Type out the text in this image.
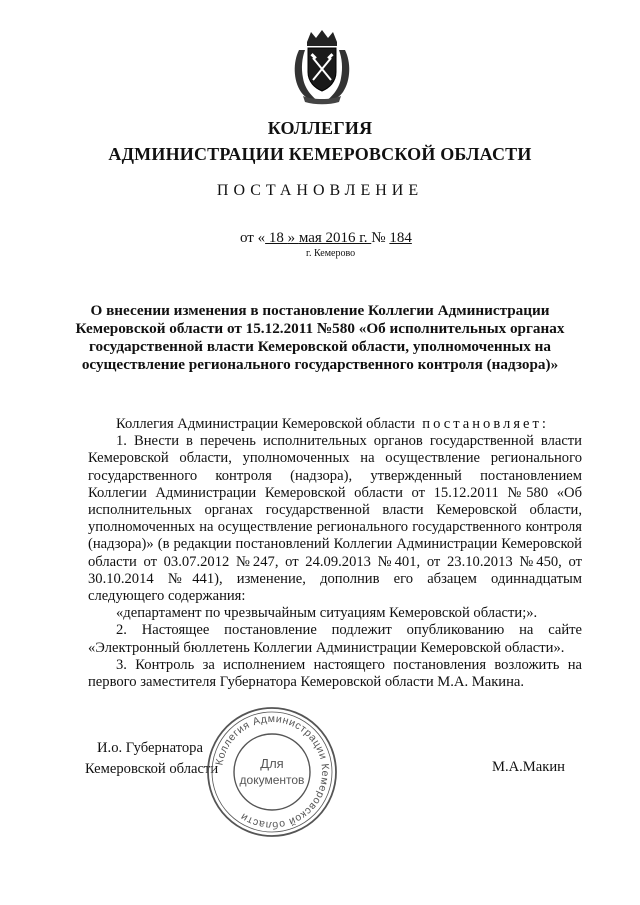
КОЛЛЕГИЯ
АДМИНИСТРАЦИИ КЕМЕРОВСКОЙ ОБЛАСТИ
ПОСТАНОВЛЕНИЕ
от « 18 » мая 2016 г. № 184
г. Кемерово
О внесении изменения в постановление Коллегии Администрации Кемеровской области от 15.12.2011 №580 «Об исполнительных органах государственной власти Кемеровской области, уполномоченных на осуществление регионального государственного контроля (надзора)»

Коллегия Администрации Кемеровской области постановляет:

1. Внести в перечень исполнительных органов государственной власти Кемеровской области, уполномоченных на осуществление регионального государственного контроля (надзора), утвержденный постановлением Коллегии Администрации Кемеровской области от 15.12.2011 №580 «Об исполнительных органах государственной власти Кемеровской области, уполномоченных на осуществление регионального государственного контроля (надзора)» (в редакции постановлений Коллегии Администрации Кемеровской области от 03.07.2012 №247, от 24.09.2013 №401, от 23.10.2013 №450, от 30.10.2014 №441), изменение, дополнив его абзацем одиннадцатым следующего содержания:

«департамент по чрезвычайным ситуациям Кемеровской области;».

2. Настоящее постановление подлежит опубликованию на сайте «Электронный бюллетень Коллегии Администрации Кемеровской области».

3. Контроль за исполнением настоящего постановления возложить на первого заместителя Губернатора Кемеровской области М.А. Макина.

И.о. Губернатора
Кемеровской области	М.А.Макин
Коллегия Администрации Кемеровской области
Для
документов
